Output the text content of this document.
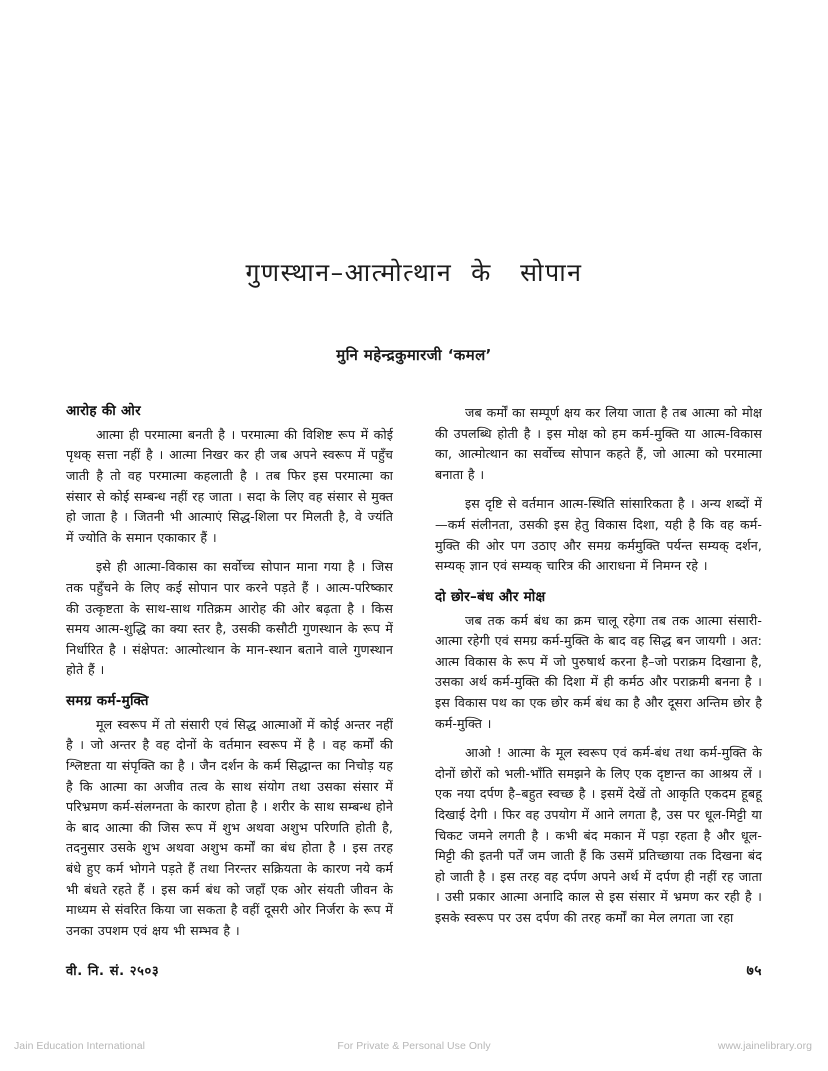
गुणस्थान–आत्मोत्थान  के   सोपान
मुनि महेन्द्रकुमारजी ‘कमल’
आरोह की ओर

आत्मा ही परमात्मा बनती है । परमात्मा की विशिष्ट रूप में कोई पृथक् सत्ता नहीं है । आत्मा निखर कर ही जब अपने स्वरूप में पहुँच जाती है तो वह परमात्मा कहलाती है । तब फिर इस परमात्मा का संसार से कोई सम्बन्ध नहीं रह जाता । सदा के लिए वह संसार से मुक्त हो जाता है । जितनी भी आत्माएं सिद्ध-शिला पर मिलती है, वे ज्यंति में ज्योति के समान एकाकार हैं ।

इसे ही आत्मा-विकास का सर्वोच्च सोपान माना गया है । जिस तक पहुँचने के लिए कई सोपान पार करने पड़ते हैं । आत्म-परिष्कार की उत्कृष्टता के साथ-साथ गतिक्रम आरोह की ओर बढ़ता है । किस समय आत्म-शुद्धि का क्या स्तर है, उसकी कसौटी गुणस्थान के रूप में निर्धारित है । संक्षेपत: आत्मोत्थान के मान-स्थान बताने वाले गुणस्थान होते हैं ।

समग्र कर्म-मुक्ति

मूल स्वरूप में तो संसारी एवं सिद्ध आत्माओं में कोई अन्तर नहीं है । जो अन्तर है वह दोनों के वर्तमान स्वरूप में है । वह कर्मों की श्लिष्टता या संपृक्ति का है । जैन दर्शन के कर्म सिद्धान्त का निचोड़ यह है कि आत्मा का अजीव तत्व के साथ संयोग तथा उसका संसार में परिभ्रमण कर्म-संलग्नता के कारण होता है । शरीर के साथ सम्बन्ध होने के बाद आत्मा की जिस रूप में शुभ अथवा अशुभ परिणति होती है, तदनुसार उसके शुभ अथवा अशुभ कर्मों का बंध होता है । इस तरह बंधे हुए कर्म भोगने पड़ते हैं तथा निरन्तर सक्रियता के कारण नये कर्म भी बंधते रहते हैं । इस कर्म बंध को जहाँ एक ओर संयती जीवन के माध्यम से संवरित किया जा सकता है वहीं दूसरी ओर निर्जरा के रूप में उनका उपशम एवं क्षय भी सम्भव है ।

जब कर्मों का सम्पूर्ण क्षय कर लिया जाता है तब आत्मा को मोक्ष की उपलब्धि होती है । इस मोक्ष को हम कर्म-मुक्ति या आत्म-विकास का, आत्मोत्थान का सर्वोच्च सोपान कहते हैं, जो आत्मा को परमात्मा बनाता है ।

इस दृष्टि से वर्तमान आत्म-स्थिति सांसारिकता है । अन्य शब्दों में—कर्म संलीनता, उसकी इस हेतु विकास दिशा, यही है कि वह कर्म-मुक्ति की ओर पग उठाए और समग्र कर्ममुक्ति पर्यन्त सम्यक् दर्शन, सम्यक् ज्ञान एवं सम्यक् चारित्र की आराधना में निमग्न रहे ।

दो छोर–बंध और मोक्ष

जब तक कर्म बंध का क्रम चालू रहेगा तब तक आत्मा संसारी-आत्मा रहेगी एवं समग्र कर्म-मुक्ति के बाद वह सिद्ध बन जायगी । अत: आत्म विकास के रूप में जो पुरुषार्थ करना है–जो पराक्रम दिखाना है, उसका अर्थ कर्म-मुक्ति की दिशा में ही कर्मठ और पराक्रमी बनना है । इस विकास पथ का एक छोर कर्म बंध का है और दूसरा अन्तिम छोर है कर्म-मुक्ति ।

आओ ! आत्मा के मूल स्वरूप एवं कर्म-बंध तथा कर्म-मुक्ति के दोनों छोरों को भली-भाँति समझने के लिए एक दृष्टान्त का आश्रय लें । एक नया दर्पण है–बहुत स्वच्छ है । इसमें देखें तो आकृति एकदम हूबहू दिखाई देगी । फिर वह उपयोग में आने लगता है, उस पर धूल-मिट्टी या चिकट जमने लगती है । कभी बंद मकान में पड़ा रहता है और धूल-मिट्टी की इतनी पर्तें जम जाती हैं कि उसमें प्रतिच्छाया तक दिखना बंद हो जाती है । इस तरह वह दर्पण अपने अर्थ में दर्पण ही नहीं रह जाता । उसी प्रकार आत्मा अनादि काल से इस संसार में भ्रमण कर रही है । इसके स्वरूप पर उस दर्पण की तरह कर्मों का मेल लगता जा रहा

वी. नि. सं. २५०३	७५
Jain Education International	For Private & Personal Use Only	www.jainelibrary.org
